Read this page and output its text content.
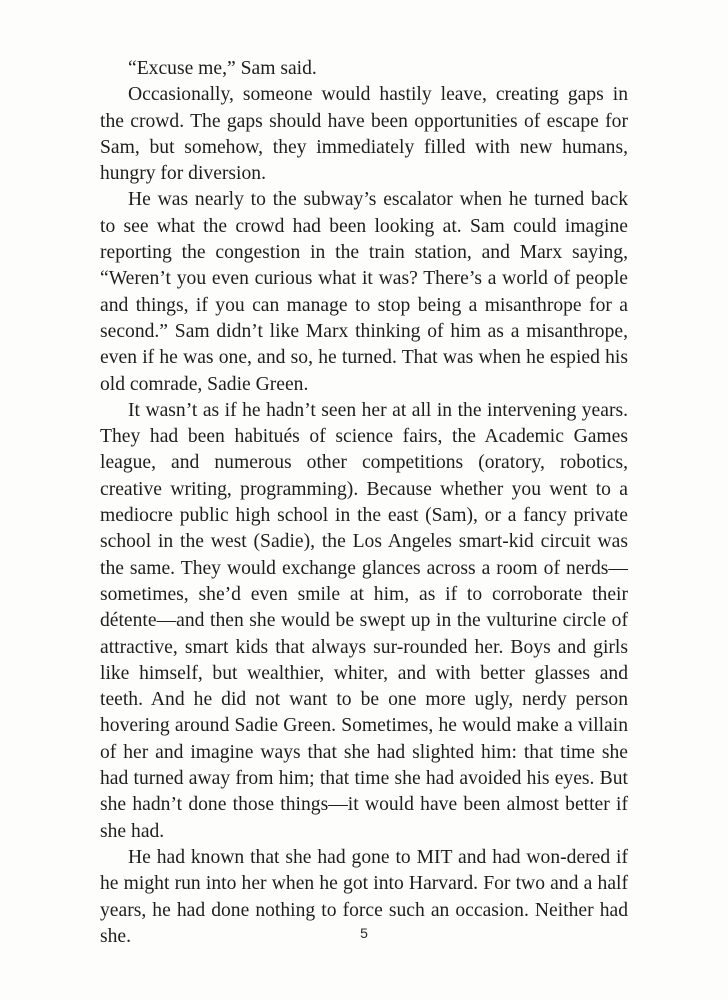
“Excuse me,” Sam said.

Occasionally, someone would hastily leave, creating gaps in the crowd. The gaps should have been opportunities of escape for Sam, but somehow, they immediately filled with new humans, hungry for diversion.

He was nearly to the subway’s escalator when he turned back to see what the crowd had been looking at. Sam could imagine reporting the congestion in the train station, and Marx saying, “Weren’t you even curious what it was? There’s a world of people and things, if you can manage to stop being a misanthrope for a second.” Sam didn’t like Marx thinking of him as a misanthrope, even if he was one, and so, he turned. That was when he espied his old comrade, Sadie Green.

It wasn’t as if he hadn’t seen her at all in the intervening years. They had been habitués of science fairs, the Academic Games league, and numerous other competitions (oratory, robotics, creative writing, programming). Because whether you went to a mediocre public high school in the east (Sam), or a fancy private school in the west (Sadie), the Los Angeles smart-kid circuit was the same. They would exchange glances across a room of nerds—sometimes, she’d even smile at him, as if to corroborate their détente—and then she would be swept up in the vulturine circle of attractive, smart kids that always sur-rounded her. Boys and girls like himself, but wealthier, whiter, and with better glasses and teeth. And he did not want to be one more ugly, nerdy person hovering around Sadie Green. Sometimes, he would make a villain of her and imagine ways that she had slighted him: that time she had turned away from him; that time she had avoided his eyes. But she hadn’t done those things—it would have been almost better if she had.

He had known that she had gone to MIT and had won-dered if he might run into her when he got into Harvard. For two and a half years, he had done nothing to force such an occasion. Neither had she.	5
